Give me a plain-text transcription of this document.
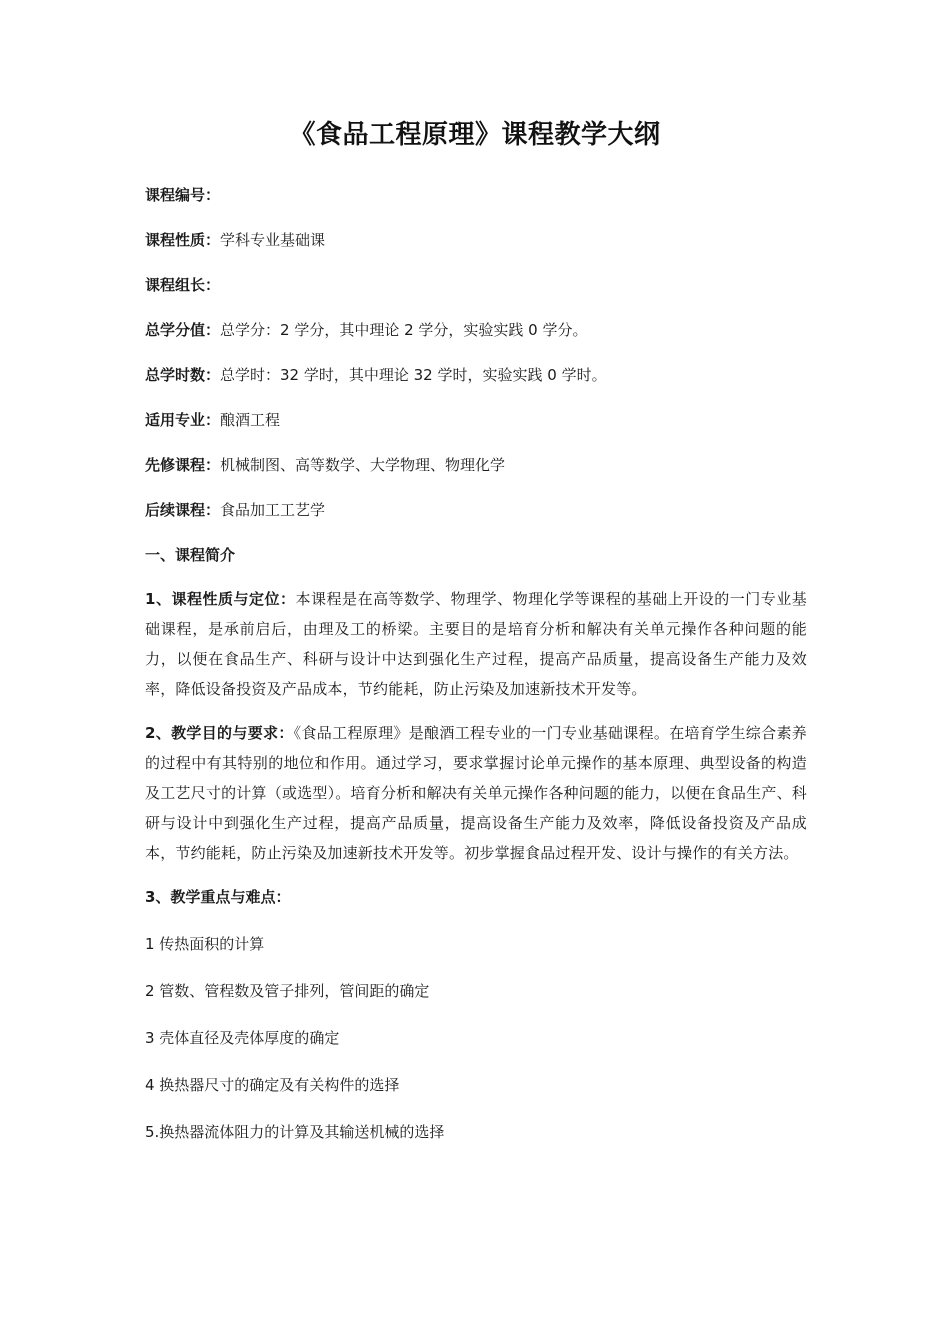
《食品工程原理》课程教学大纲
课程编号：
课程性质：学科专业基础课
课程组长：
总学分值：总学分：2 学分，其中理论 2 学分，实验实践 0 学分。
总学时数：总学时：32 学时，其中理论 32 学时，实验实践 0 学时。
适用专业：酿酒工程
先修课程：机械制图、高等数学、大学物理、物理化学
后续课程：食品加工工艺学
一、课程简介
1、课程性质与定位：本课程是在高等数学、物理学、物理化学等课程的基础上开设的一门专业基础课程，是承前启后，由理及工的桥梁。主要目的是培育分析和解决有关单元操作各种问题的能力，以便在食品生产、科研与设计中达到强化生产过程，提高产品质量，提高设备生产能力及效率，降低设备投资及产品成本，节约能耗，防止污染及加速新技术开发等。
2、教学目的与要求：《食品工程原理》是酿酒工程专业的一门专业基础课程。在培育学生综合素养的过程中有其特别的地位和作用。通过学习，要求掌握讨论单元操作的基本原理、典型设备的构造及工艺尺寸的计算（或选型）。培育分析和解决有关单元操作各种问题的能力，以便在食品生产、科研与设计中到强化生产过程，提高产品质量，提高设备生产能力及效率，降低设备投资及产品成本，节约能耗，防止污染及加速新技术开发等。初步掌握食品过程开发、设计与操作的有关方法。
3、教学重点与难点：
1 传热面积的计算
2 管数、管程数及管子排列，管间距的确定
3 壳体直径及壳体厚度的确定
4 换热器尺寸的确定及有关构件的选择
5.换热器流体阻力的计算及其输送机械的选择
